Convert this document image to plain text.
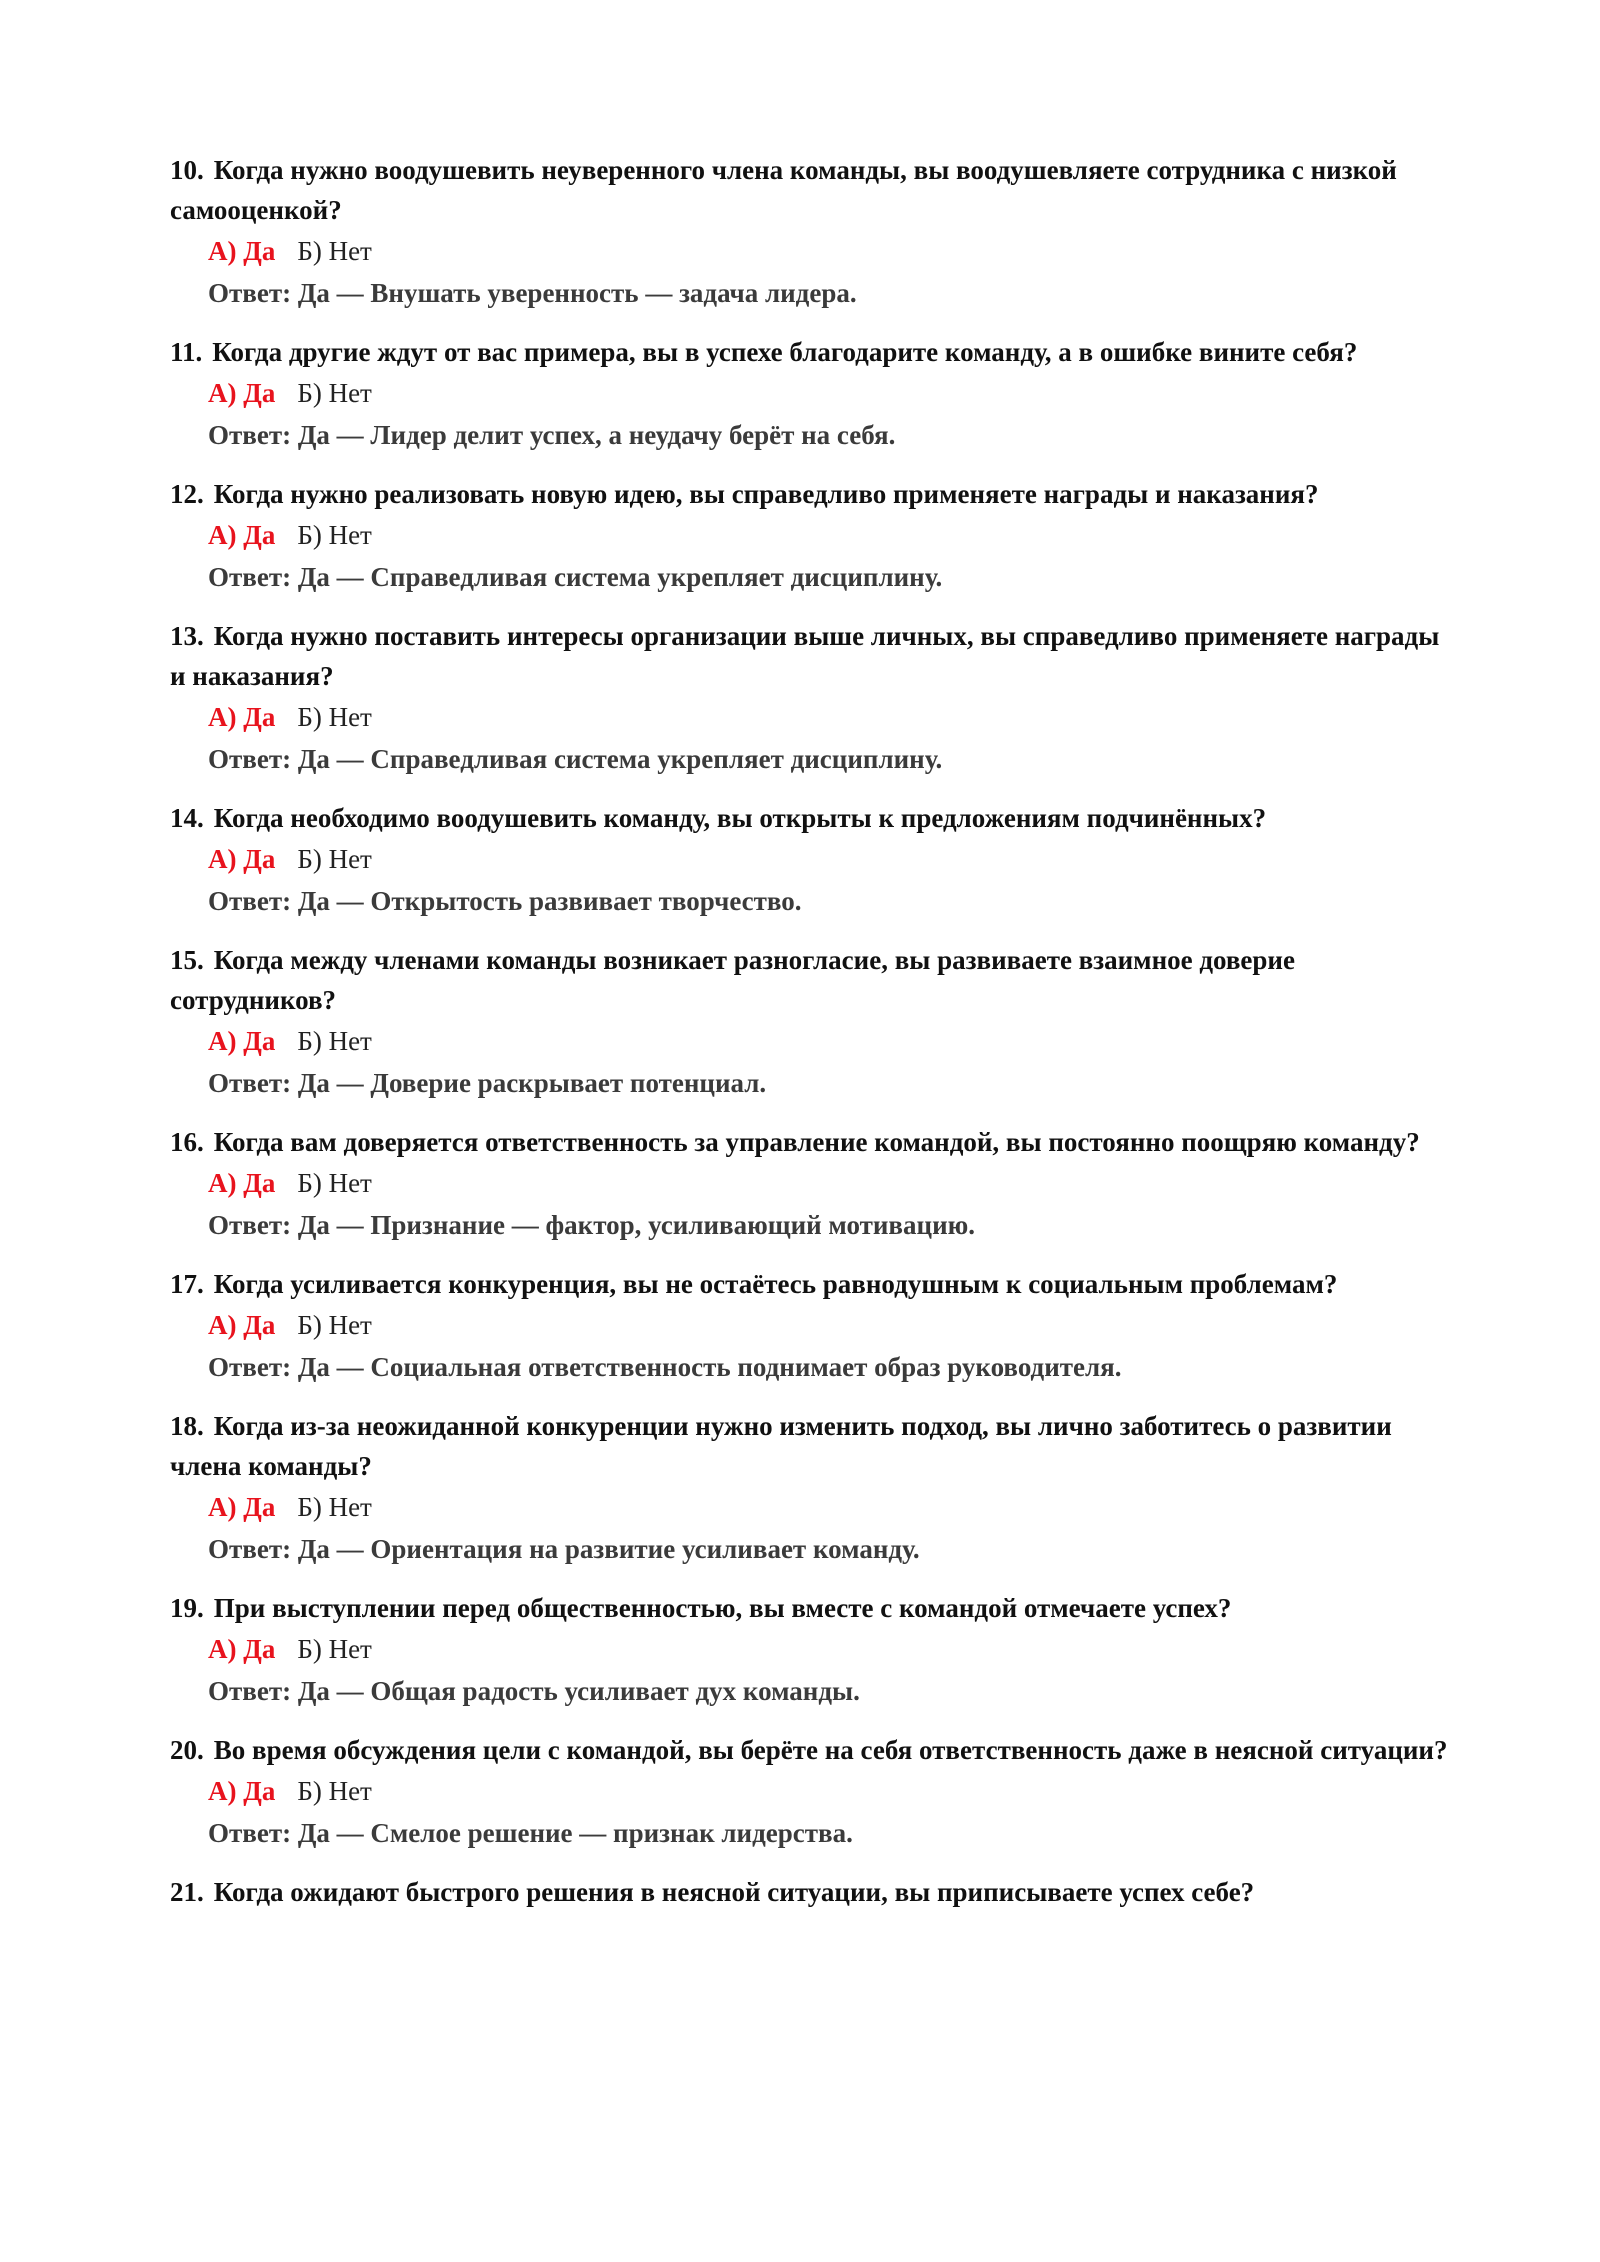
10. Когда нужно воодушевить неуверенного члена команды, вы воодушевляете сотрудника с низкой самооценкой?

А) Да Б) Нет
Ответ: Да — Внушать уверенность — задача лидера.

11. Когда другие ждут от вас примера, вы в успехе благодарите команду, а в ошибке вините себя?

А) Да Б) Нет
Ответ: Да — Лидер делит успех, а неудачу берёт на себя.

12. Когда нужно реализовать новую идею, вы справедливо применяете награды и наказания?

А) Да Б) Нет
Ответ: Да — Справедливая система укрепляет дисциплину.

13. Когда нужно поставить интересы организации выше личных, вы справедливо применяете награды и наказания?

А) Да Б) Нет
Ответ: Да — Справедливая система укрепляет дисциплину.

14. Когда необходимо воодушевить команду, вы открыты к предложениям подчинённых?

А) Да Б) Нет
Ответ: Да — Открытость развивает творчество.

15. Когда между членами команды возникает разногласие, вы развиваете взаимное доверие сотрудников?

А) Да Б) Нет
Ответ: Да — Доверие раскрывает потенциал.

16. Когда вам доверяется ответственность за управление командой, вы постоянно поощряю команду?

А) Да Б) Нет
Ответ: Да — Признание — фактор, усиливающий мотивацию.

17. Когда усиливается конкуренция, вы не остаётесь равнодушным к социальным проблемам?

А) Да Б) Нет
Ответ: Да — Социальная ответственность поднимает образ руководителя.

18. Когда из-за неожиданной конкуренции нужно изменить подход, вы лично заботитесь о развитии члена команды?

А) Да Б) Нет
Ответ: Да — Ориентация на развитие усиливает команду.

19. При выступлении перед общественностью, вы вместе с командой отмечаете успех?

А) Да Б) Нет
Ответ: Да — Общая радость усиливает дух команды.

20. Во время обсуждения цели с командой, вы берёте на себя ответственность даже в неясной ситуации?

А) Да Б) Нет
Ответ: Да — Смелое решение — признак лидерства.

21. Когда ожидают быстрого решения в неясной ситуации, вы приписываете успех себе?
